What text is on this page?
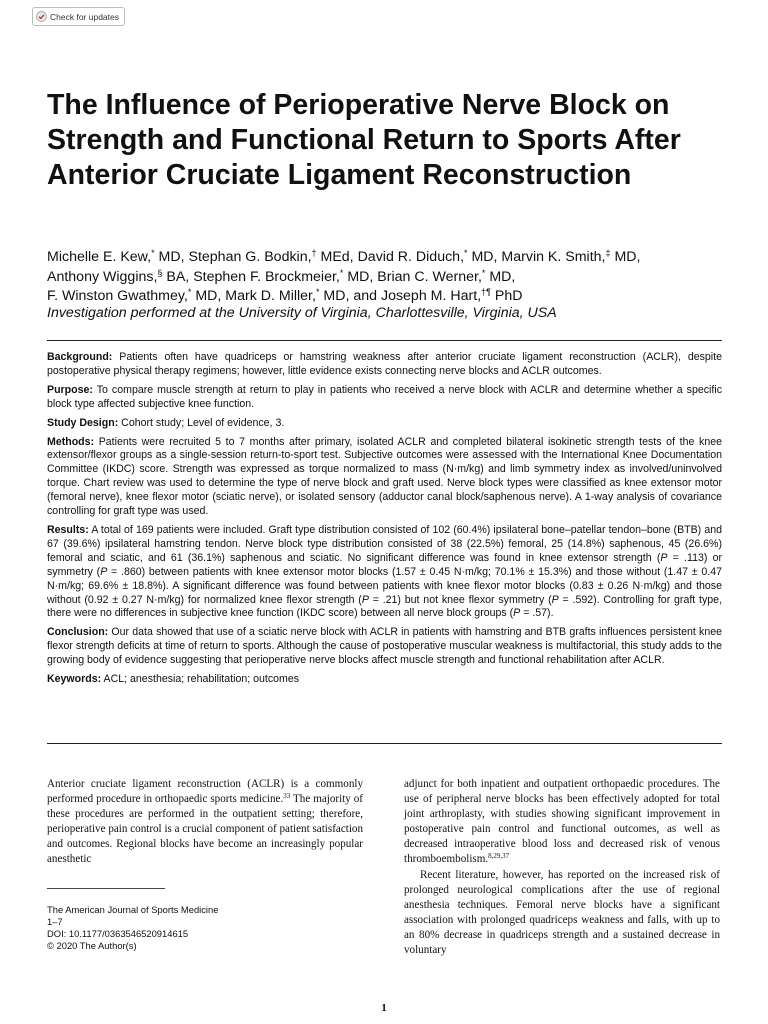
Check for updates
The Influence of Perioperative Nerve Block on Strength and Functional Return to Sports After Anterior Cruciate Ligament Reconstruction

Michelle E. Kew,* MD, Stephan G. Bodkin,† MEd, David R. Diduch,* MD, Marvin K. Smith,‡ MD,
Anthony Wiggins,§ BA, Stephen F. Brockmeier,* MD, Brian C. Werner,* MD,
F. Winston Gwathmey,* MD, Mark D. Miller,* MD, and Joseph M. Hart,†¶ PhD

Investigation performed at the University of Virginia, Charlottesville, Virginia, USA

Background: Patients often have quadriceps or hamstring weakness after anterior cruciate ligament reconstruction (ACLR), despite postoperative physical therapy regimens; however, little evidence exists connecting nerve blocks and ACLR outcomes.

Purpose: To compare muscle strength at return to play in patients who received a nerve block with ACLR and determine whether a specific block type affected subjective knee function.

Study Design: Cohort study; Level of evidence, 3.

Methods: Patients were recruited 5 to 7 months after primary, isolated ACLR and completed bilateral isokinetic strength tests of the knee extensor/flexor groups as a single-session return-to-sport test. Subjective outcomes were assessed with the International Knee Documentation Committee (IKDC) score. Strength was expressed as torque normalized to mass (N·m/kg) and limb symmetry index as involved/uninvolved torque. Chart review was used to determine the type of nerve block and graft used. Nerve block types were classified as knee extensor motor (femoral nerve), knee flexor motor (sciatic nerve), or isolated sensory (adductor canal block/saphenous nerve). A 1-way analysis of covariance controlling for graft type was used.

Results: A total of 169 patients were included. Graft type distribution consisted of 102 (60.4%) ipsilateral bone–patellar tendon–bone (BTB) and 67 (39.6%) ipsilateral hamstring tendon. Nerve block type distribution consisted of 38 (22.5%) femoral, 25 (14.8%) saphenous, 45 (26.6%) femoral and sciatic, and 61 (36.1%) saphenous and sciatic. No significant difference was found in knee extensor strength (P = .113) or symmetry (P = .860) between patients with knee extensor motor blocks (1.57 ± 0.45 N·m/kg; 70.1% ± 15.3%) and those without (1.47 ± 0.47 N·m/kg; 69.6% ± 18.8%). A significant difference was found between patients with knee flexor motor blocks (0.83 ± 0.26 N·m/kg) and those without (0.92 ± 0.27 N·m/kg) for normalized knee flexor strength (P = .21) but not knee flexor symmetry (P = .592). Controlling for graft type, there were no differences in subjective knee function (IKDC score) between all nerve block groups (P = .57).

Conclusion: Our data showed that use of a sciatic nerve block with ACLR in patients with hamstring and BTB grafts influences persistent knee flexor strength deficits at time of return to sports. Although the cause of postoperative muscular weakness is multifactorial, this study adds to the growing body of evidence suggesting that perioperative nerve blocks affect muscle strength and functional rehabilitation after ACLR.

Keywords: ACL; anesthesia; rehabilitation; outcomes

Anterior cruciate ligament reconstruction (ACLR) is a commonly performed procedure in orthopaedic sports medicine.$^{33}$ The majority of these procedures are performed in the outpatient setting; therefore, perioperative pain control is a crucial component of patient satisfaction and outcomes. Regional blocks have become an increasingly popular anesthetic

adjunct for both inpatient and outpatient orthopaedic procedures. The use of peripheral nerve blocks has been effectively adopted for total joint arthroplasty, with studies showing significant improvement in postoperative pain control and functional outcomes, as well as decreased intraoperative blood loss and decreased risk of venous thromboembolism.$^{8,29,37}$

Recent literature, however, has reported on the increased risk of prolonged neurological complications after the use of regional anesthesia techniques. Femoral nerve blocks have a significant association with prolonged quadriceps weakness and falls, with up to an 80% decrease in quadriceps strength and a sustained decrease in voluntary

The American Journal of Sports Medicine
1–7
DOI: 10.1177/0363546520914615
© 2020 The Author(s)
1
